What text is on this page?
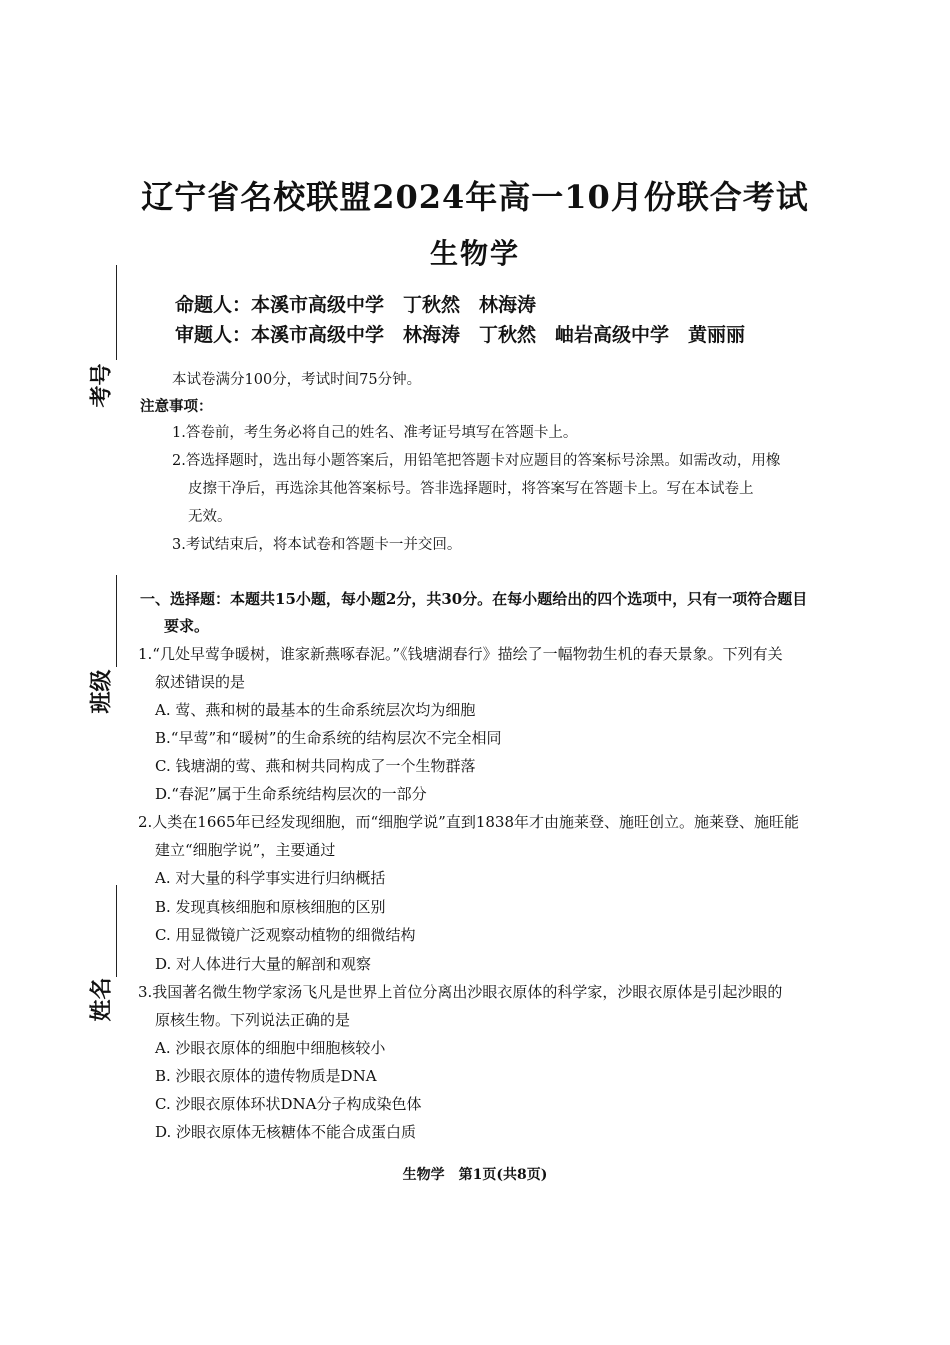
考号
班级
姓名
辽宁省名校联盟2024年高一10月份联合考试
生物学
命题人：本溪市高级中学　丁秋然　林海涛
审题人：本溪市高级中学　林海涛　丁秋然　岫岩高级中学　黄丽丽
本试卷满分100分，考试时间75分钟。
注意事项：
1.答卷前，考生务必将自己的姓名、准考证号填写在答题卡上。
2.答选择题时，选出每小题答案后，用铅笔把答题卡对应题目的答案标号涂黑。如需改动，用橡
皮擦干净后，再选涂其他答案标号。答非选择题时，将答案写在答题卡上。写在本试卷上
无效。
3.考试结束后，将本试卷和答题卡一并交回。
一、选择题：本题共15小题，每小题2分，共30分。在每小题给出的四个选项中，只有一项符合题目
要求。
1.“几处早莺争暖树，谁家新燕啄春泥。”《钱塘湖春行》描绘了一幅物勃生机的春天景象。下列有关
叙述错误的是
A. 莺、燕和树的最基本的生命系统层次均为细胞
B.“早莺”和“暖树”的生命系统的结构层次不完全相同
C. 钱塘湖的莺、燕和树共同构成了一个生物群落
D.“春泥”属于生命系统结构层次的一部分
2.人类在1665年已经发现细胞，而“细胞学说”直到1838年才由施莱登、施旺创立。施莱登、施旺能
建立“细胞学说”，主要通过
A. 对大量的科学事实进行归纳概括
B. 发现真核细胞和原核细胞的区别
C. 用显微镜广泛观察动植物的细微结构
D. 对人体进行大量的解剖和观察
3.我国著名微生物学家汤飞凡是世界上首位分离出沙眼衣原体的科学家，沙眼衣原体是引起沙眼的
原核生物。下列说法正确的是
A. 沙眼衣原体的细胞中细胞核较小
B. 沙眼衣原体的遗传物质是DNA
C. 沙眼衣原体环状DNA分子构成染色体
D. 沙眼衣原体无核糖体不能合成蛋白质
生物学　第1页(共8页)
